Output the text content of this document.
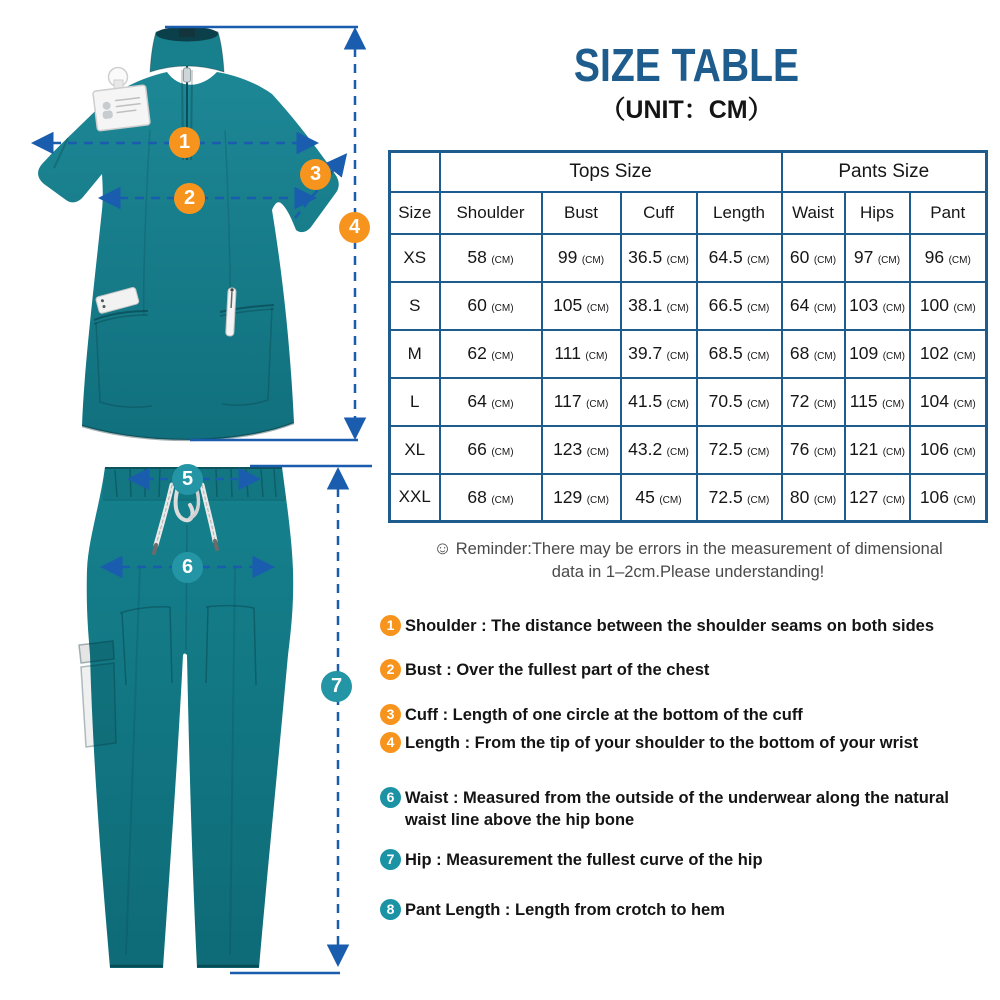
1
2
3
4
5
6
7
SIZE TABLE
（UNIT：CM）
	Tops Size				Pants Size		
Size	Shoulder	Bust	Cuff	Length	Waist	Hips	Pant
XS	58 (CM)	99 (CM)	36.5 (CM)	64.5 (CM)	60 (CM)	97 (CM)	96 (CM)
S	60 (CM)	105 (CM)	38.1 (CM)	66.5 (CM)	64 (CM)	103 (CM)	100 (CM)
M	62 (CM)	111 (CM)	39.7 (CM)	68.5 (CM)	68 (CM)	109 (CM)	102 (CM)
L	64 (CM)	117 (CM)	41.5 (CM)	70.5 (CM)	72 (CM)	115 (CM)	104 (CM)
XL	66 (CM)	123 (CM)	43.2 (CM)	72.5 (CM)	76 (CM)	121 (CM)	106 (CM)
XXL	68 (CM)	129 (CM)	45 (CM)	72.5 (CM)	80 (CM)	127 (CM)	106 (CM)
☺ Reminder:There may be errors in the measurement of dimensional
data in 1–2cm.Please understanding!
1 Shoulder : The distance between the shoulder seams on both sides
2 Bust : Over the fullest part of the chest
3 Cuff : Length of one circle at the bottom of the cuff
4 Length : From the tip of your shoulder to the bottom of your wrist
6 Waist : Measured from the outside of the underwear along the natural waist line above the hip bone
7 Hip : Measurement the fullest curve of the hip
8 Pant Length : Length from crotch to hem
